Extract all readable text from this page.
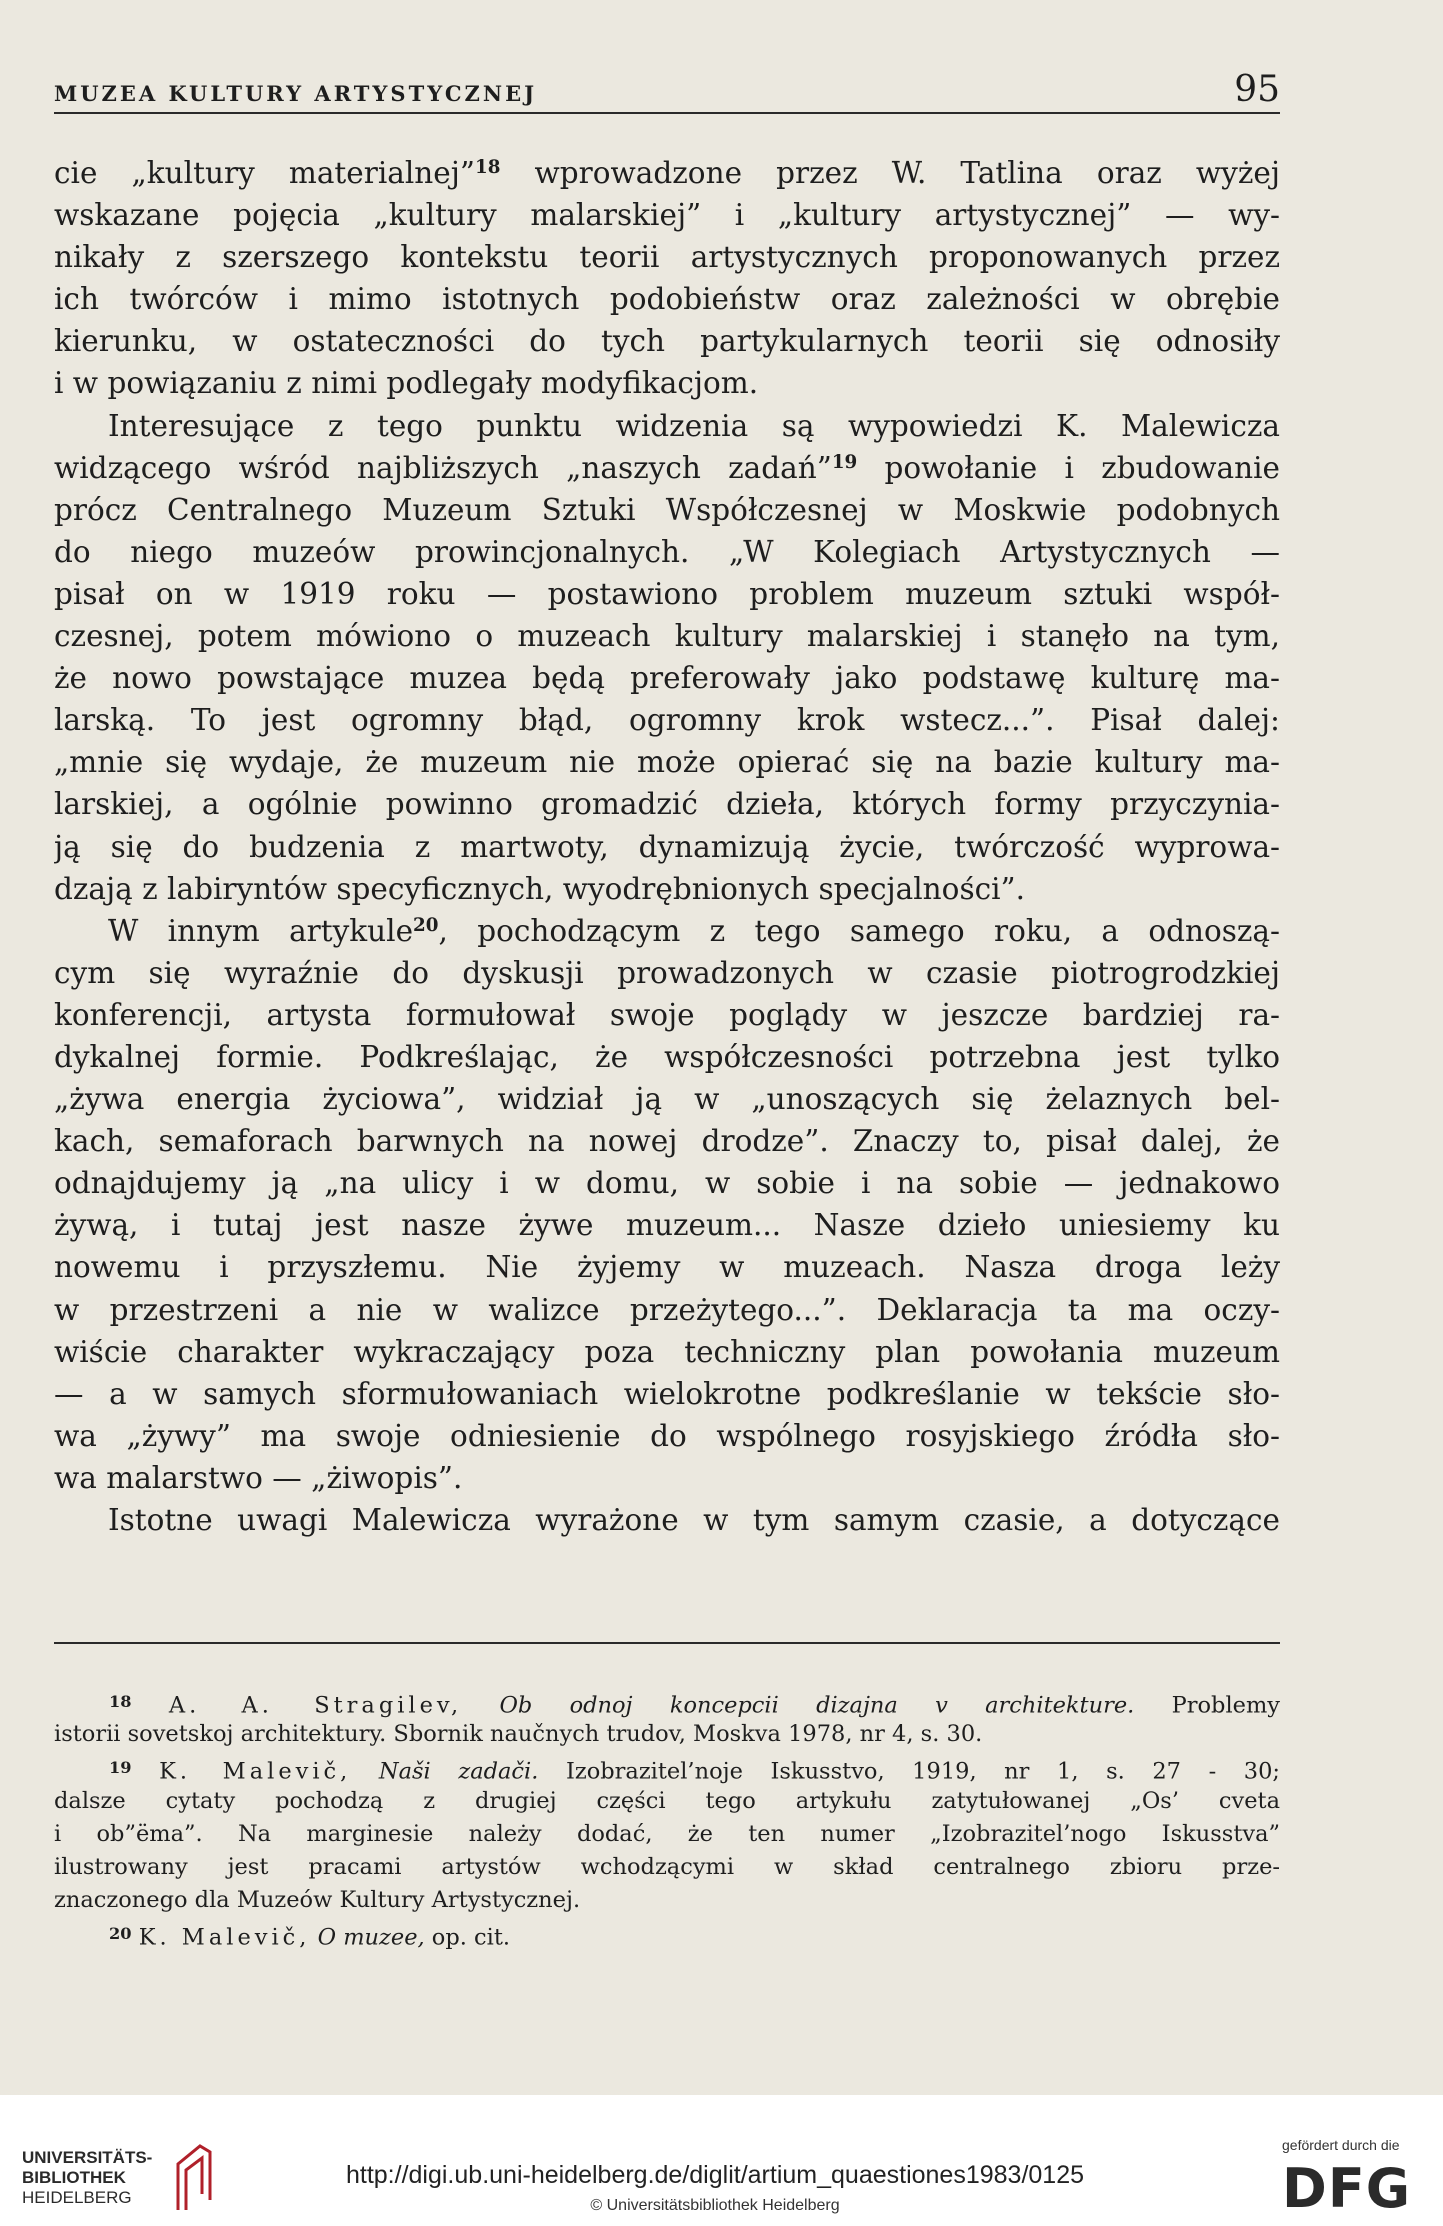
MUZEA KULTURY ARTYSTYCZNEJ	95
cie „kultury materialnej”$^{18}$ wprowadzone przez W. Tatlina oraz wyżej
wskazane pojęcia „kultury malarskiej” i „kultury artystycznej” — wy-
nikały z szerszego kontekstu teorii artystycznych proponowanych przez
ich twórców i mimo istotnych podobieństw oraz zależności w obrębie
kierunku, w ostateczności do tych partykularnych teorii się odnosiły
i w powiązaniu z nimi podlegały modyfikacjom.
Interesujące z tego punktu widzenia są wypowiedzi K. Malewicza
widzącego wśród najbliższych „naszych zadań”$^{19}$ powołanie i zbudowanie
prócz Centralnego Muzeum Sztuki Współczesnej w Moskwie podobnych
do niego muzeów prowincjonalnych. „W Kolegiach Artystycznych —
pisał on w 1919 roku — postawiono problem muzeum sztuki współ-
czesnej, potem mówiono o muzeach kultury malarskiej i stanęło na tym,
że nowo powstające muzea będą preferowały jako podstawę kulturę ma-
larską. To jest ogromny błąd, ogromny krok wstecz...”. Pisał dalej:
„mnie się wydaje, że muzeum nie może opierać się na bazie kultury ma-
larskiej, a ogólnie powinno gromadzić dzieła, których formy przyczynia-
ją się do budzenia z martwoty, dynamizują życie, twórczość wyprowa-
dzają z labiryntów specyficznych, wyodrębnionych specjalności”.
W innym artykule$^{20}$, pochodzącym z tego samego roku, a odnoszą-
cym się wyraźnie do dyskusji prowadzonych w czasie piotrogrodzkiej
konferencji, artysta formułował swoje poglądy w jeszcze bardziej ra-
dykalnej formie. Podkreślając, że współczesności potrzebna jest tylko
„żywa energia życiowa”, widział ją w „unoszących się żelaznych bel-
kach, semaforach barwnych na nowej drodze”. Znaczy to, pisał dalej, że
odnajdujemy ją „na ulicy i w domu, w sobie i na sobie — jednakowo
żywą, i tutaj jest nasze żywe muzeum... Nasze dzieło uniesiemy ku
nowemu i przyszłemu. Nie żyjemy w muzeach. Nasza droga leży
w przestrzeni a nie w walizce przeżytego...”. Deklaracja ta ma oczy-
wiście charakter wykraczający poza techniczny plan powołania muzeum
— a w samych sformułowaniach wielokrotne podkreślanie w tekście sło-
wa „żywy” ma swoje odniesienie do wspólnego rosyjskiego źródła sło-
wa malarstwo — „żiwopis”.
Istotne uwagi Malewicza wyrażone w tym samym czasie, a dotyczące
$^{18}$ A. A. Stragilev, Ob odnoj koncepcii dizajna v architekture. Problemy
istorii sovetskoj architektury. Sbornik naučnych trudov, Moskva 1978, nr 4, s. 30.
$^{19}$ K. Malevič, Naši zadači. Izobrazitel’noje Iskusstvo, 1919, nr 1, s. 27 - 30;
dalsze cytaty pochodzą z drugiej części tego artykułu zatytułowanej „Os’ cveta
i ob”ëma”. Na marginesie należy dodać, że ten numer „Izobrazitel’nogo Iskusstva”
ilustrowany jest pracami artystów wchodzącymi w skład centralnego zbioru prze-
znaczonego dla Muzeów Kultury Artystycznej.
$^{20}$ K. Malevič, O muzee, op. cit.
UNIVERSITÄTS-
BIBLIOTHEK
HEIDELBERG
http://digi.ub.uni-heidelberg.de/diglit/artium_quaestiones1983/0125
© Universitätsbibliothek Heidelberg
gefördert durch die
DFG
